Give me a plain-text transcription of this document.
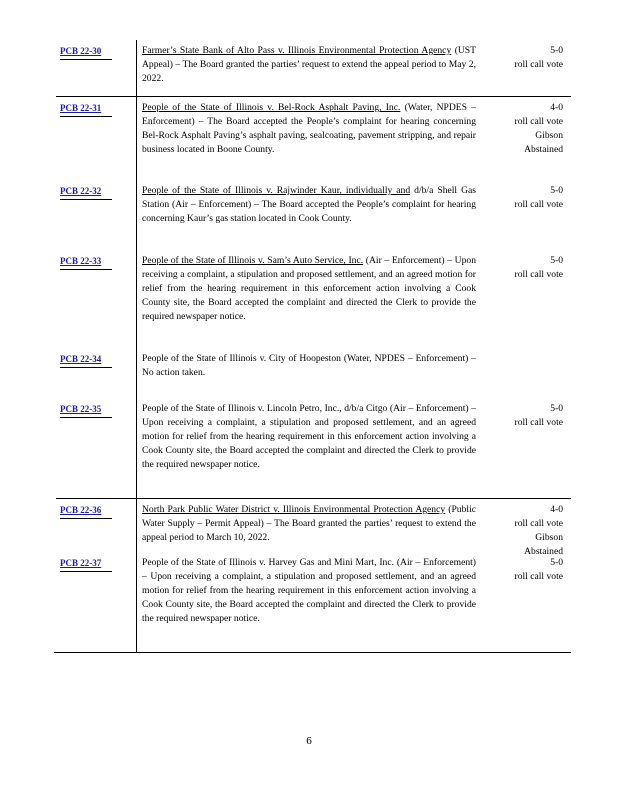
PCB 22-30	Farmer’s State Bank of Alto Pass v. Illinois Environmental Protection Agency (UST Appeal) – The Board granted the parties’ request to extend the appeal period to May 2, 2022.
5-0
roll call vote
PCB 22-31	People of the State of Illinois v. Bel-Rock Asphalt Paving, Inc. (Water, NPDES – Enforcement) – The Board accepted the People’s complaint for hearing concerning Bel-Rock Asphalt Paving’s asphalt paving, sealcoating, pavement stripping, and repair business located in Boone County.
4-0
roll call vote
Gibson
Abstained
PCB 22-32	People of the State of Illinois v. Rajwinder Kaur, individually and d/b/a Shell Gas Station (Air – Enforcement) – The Board accepted the People’s complaint for hearing concerning Kaur’s gas station located in Cook County.
5-0
roll call vote
PCB 22-33	People of the State of Illinois v. Sam’s Auto Service, Inc. (Air – Enforcement) – Upon receiving a complaint, a stipulation and proposed settlement, and an agreed motion for relief from the hearing requirement in this enforcement action involving a Cook County site, the Board accepted the complaint and directed the Clerk to provide the required newspaper notice.
5-0
roll call vote
PCB 22-34	People of the State of Illinois v. City of Hoopeston (Water, NPDES – Enforcement) – No action taken.
PCB 22-35	People of the State of Illinois v. Lincoln Petro, Inc., d/b/a Citgo (Air – Enforcement) – Upon receiving a complaint, a stipulation and proposed settlement, and an agreed motion for relief from the hearing requirement in this enforcement action involving a Cook County site, the Board accepted the complaint and directed the Clerk to provide the required newspaper notice.
5-0
roll call vote
PCB 22-36	North Park Public Water District v. Illinois Environmental Protection Agency (Public Water Supply – Permit Appeal) – The Board granted the parties’ request to extend the appeal period to March 10, 2022.
4-0
roll call vote
Gibson
Abstained
PCB 22-37	People of the State of Illinois v. Harvey Gas and Mini Mart, Inc. (Air – Enforcement) – Upon receiving a complaint, a stipulation and proposed settlement, and an agreed motion for relief from the hearing requirement in this enforcement action involving a Cook County site, the Board accepted the complaint and directed the Clerk to provide the required newspaper notice.
5-0
roll call vote
6
